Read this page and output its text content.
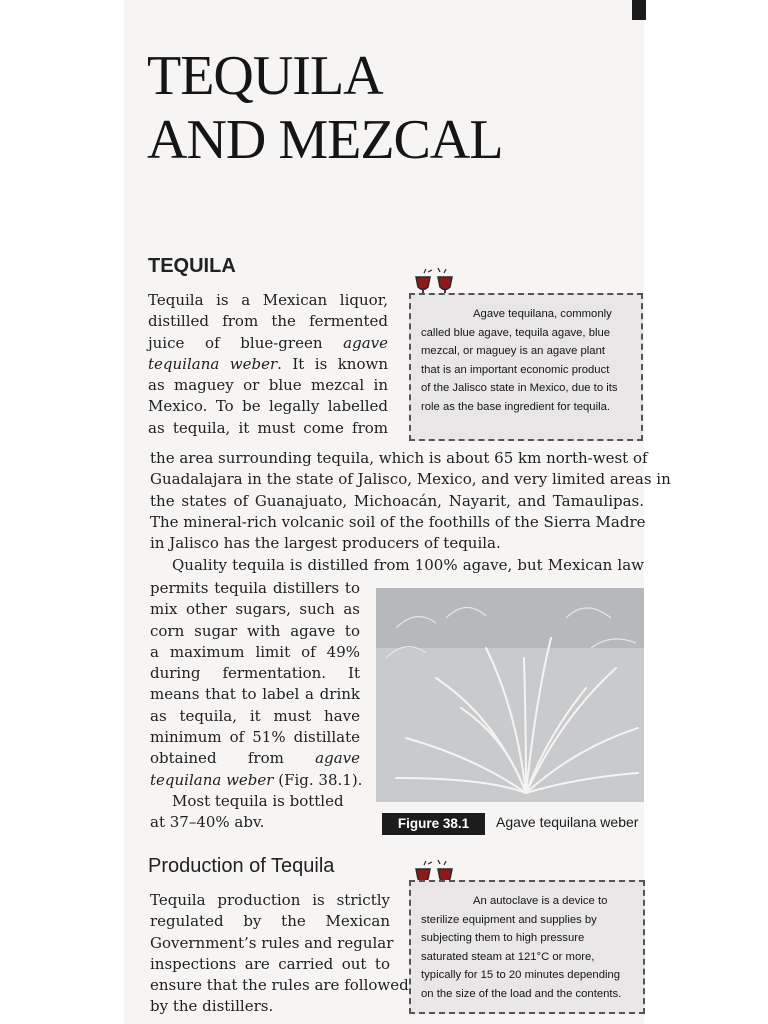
TEQUILA
AND MEZCAL
TEQUILA
Tequila is a Mexican liquor,
distilled from the fermented
juice of blue-green agave
tequilana weber. It is known
as maguey or blue mezcal in
Mexico. To be legally labelled
as tequila, it must come from
the area surrounding tequila, which is about 65 km north-west of
Guadalajara in the state of Jalisco, Mexico, and very limited areas in
the states of Guanajuato, Michoacán, Nayarit, and Tamaulipas.
The mineral-rich volcanic soil of the foothills of the Sierra Madre
in Jalisco has the largest producers of tequila.
Quality tequila is distilled from 100% agave, but Mexican law
permits tequila distillers to
mix other sugars, such as
corn sugar with agave to
a maximum limit of 49%
during fermentation. It
means that to label a drink
as tequila, it must have
minimum of 51% distillate
obtained from agave
tequilana weber (Fig. 38.1).
Most tequila is bottled
at 37–40% abv.
Agave tequilana, commonly
called blue agave, tequila agave, blue
mezcal, or maguey is an agave plant
that is an important economic product
of the Jalisco state in Mexico, due to its
role as the base ingredient for tequila.
Figure 38.1	Agave tequilana weber
Production of Tequila
Tequila production is strictly
regulated by the Mexican
Government’s rules and regular
inspections are carried out to
ensure that the rules are followed
by the distillers.
An autoclave is a device to
sterilize equipment and supplies by
subjecting them to high pressure
saturated steam at 121°C or more,
typically for 15 to 20 minutes depending
on the size of the load and the contents.
